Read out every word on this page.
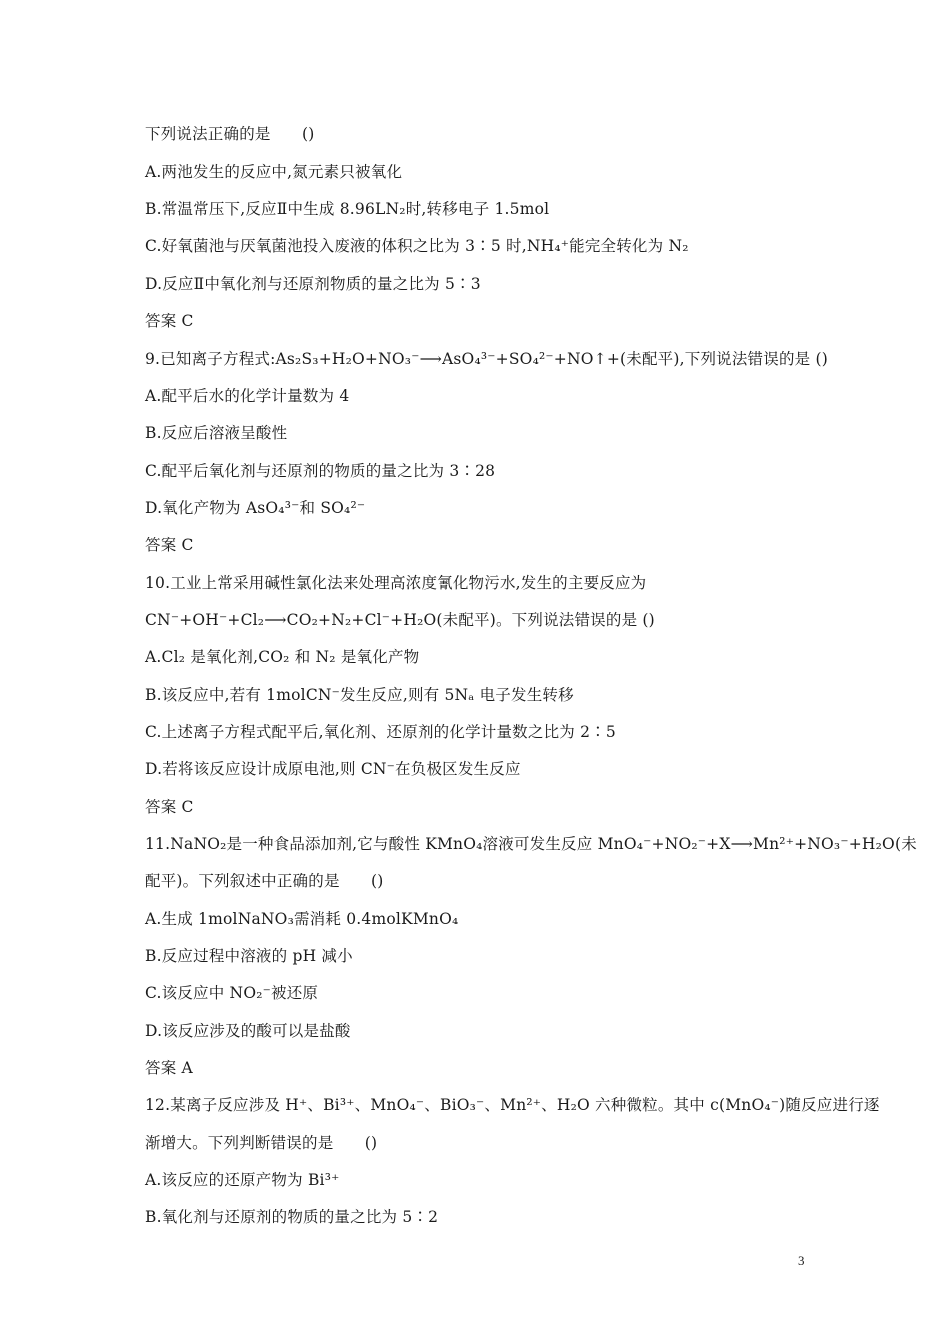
下列说法正确的是　　()
A.两池发生的反应中,氮元素只被氧化
B.常温常压下,反应Ⅱ中生成 8.96LN₂时,转移电子 1.5mol
C.好氧菌池与厌氧菌池投入废液的体积之比为 3∶5 时,NH₄⁺能完全转化为 N₂
D.反应Ⅱ中氧化剂与还原剂物质的量之比为 5∶3
答案 C
9.已知离子方程式:As₂S₃+H₂O+NO₃⁻⟶AsO₄³⁻+SO₄²⁻+NO↑+(未配平),下列说法错误的是 ()
A.配平后水的化学计量数为 4
B.反应后溶液呈酸性
C.配平后氧化剂与还原剂的物质的量之比为 3∶28
D.氧化产物为 AsO₄³⁻和 SO₄²⁻
答案 C
10.工业上常采用碱性氯化法来处理高浓度氰化物污水,发生的主要反应为
CN⁻+OH⁻+Cl₂⟶CO₂+N₂+Cl⁻+H₂O(未配平)。下列说法错误的是 ()
A.Cl₂ 是氧化剂,CO₂ 和 N₂ 是氧化产物
B.该反应中,若有 1molCN⁻发生反应,则有 5Nₐ 电子发生转移
C.上述离子方程式配平后,氧化剂、还原剂的化学计量数之比为 2∶5
D.若将该反应设计成原电池,则 CN⁻在负极区发生反应
答案 C
11.NaNO₂是一种食品添加剂,它与酸性 KMnO₄溶液可发生反应 MnO₄⁻+NO₂⁻+X⟶Mn²⁺+NO₃⁻+H₂O(未
配平)。下列叙述中正确的是　　()
A.生成 1molNaNO₃需消耗 0.4molKMnO₄
B.反应过程中溶液的 pH 减小
C.该反应中 NO₂⁻被还原
D.该反应涉及的酸可以是盐酸
答案 A
12.某离子反应涉及 H⁺、Bi³⁺、MnO₄⁻、BiO₃⁻、Mn²⁺、H₂O 六种微粒。其中 c(MnO₄⁻)随反应进行逐
渐增大。下列判断错误的是　　()
A.该反应的还原产物为 Bi³⁺
B.氧化剂与还原剂的物质的量之比为 5∶2
3
